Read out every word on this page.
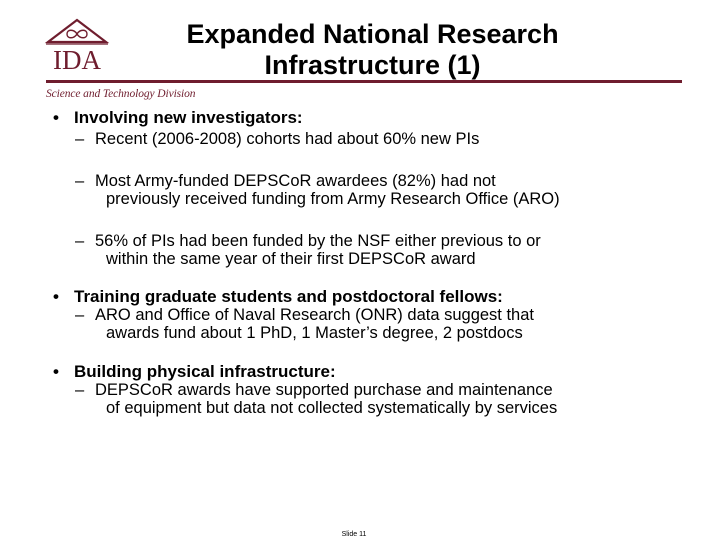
IDA
Science and Technology Division
Expanded National Research
Infrastructure (1)
• Involving new investigators:
– Recent (2006-2008) cohorts had about 60% new PIs
– Most Army-funded DEPSCoR awardees (82%) had not
previously received funding from Army Research Office (ARO)
– 56% of PIs had been funded by the NSF either previous to or
within the same year of their first DEPSCoR award
• Training graduate students and postdoctoral fellows:
– ARO and Office of Naval Research (ONR) data suggest that
awards fund about 1 PhD, 1 Master’s degree, 2 postdocs
• Building physical infrastructure:
– DEPSCoR awards have supported purchase and maintenance
of equipment but data not collected systematically by services
Slide 11
